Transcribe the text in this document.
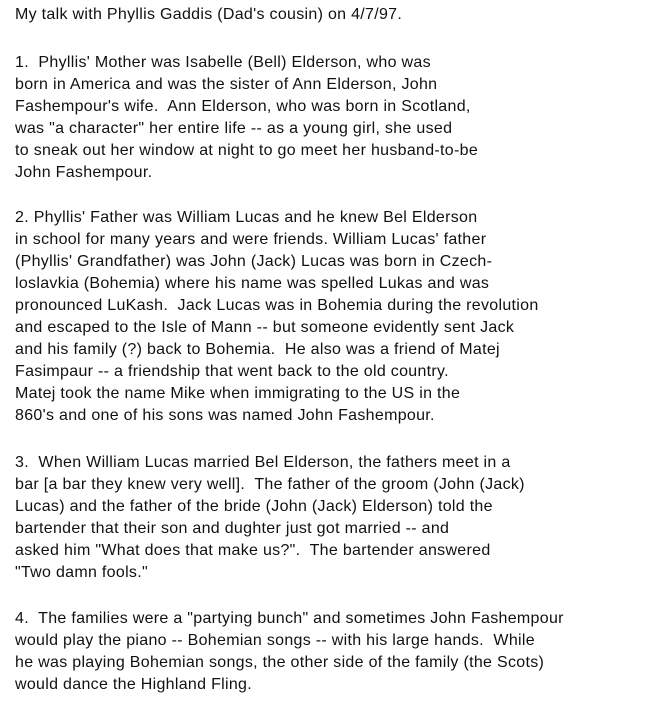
My talk with Phyllis Gaddis (Dad's cousin) on 4/7/97.
1.  Phyllis' Mother was Isabelle (Bell) Elderson, who was
born in America and was the sister of Ann Elderson, John
Fashempour's wife.  Ann Elderson, who was born in Scotland,
was "a character" her entire life -- as a young girl, she used
to sneak out her window at night to go meet her husband-to-be
John Fashempour.
2. Phyllis' Father was William Lucas and he knew Bel Elderson
in school for many years and were friends. William Lucas' father
(Phyllis' Grandfather) was John (Jack) Lucas was born in Czech-
loslavkia (Bohemia) where his name was spelled Lukas and was
pronounced LuKash.  Jack Lucas was in Bohemia during the revolution
and escaped to the Isle of Mann -- but someone evidently sent Jack
and his family (?) back to Bohemia.  He also was a friend of Matej
Fasimpaur -- a friendship that went back to the old country.
Matej took the name Mike when immigrating to the US in the
860's and one of his sons was named John Fashempour.
3.  When William Lucas married Bel Elderson, the fathers meet in a
bar [a bar they knew very well].  The father of the groom (John (Jack)
Lucas) and the father of the bride (John (Jack) Elderson) told the
bartender that their son and dughter just got married -- and
asked him "What does that make us?".  The bartender answered
"Two damn fools."
4.  The families were a "partying bunch" and sometimes John Fashempour
would play the piano -- Bohemian songs -- with his large hands.  While
he was playing Bohemian songs, the other side of the family (the Scots)
would dance the Highland Fling.
